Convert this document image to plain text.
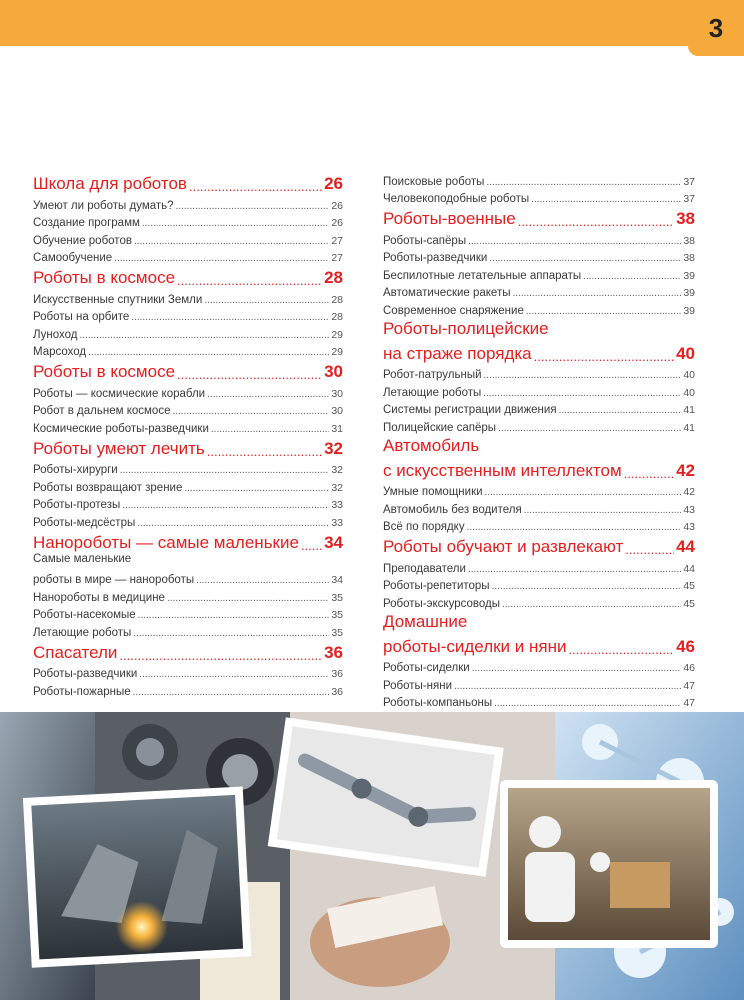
3
Школа для роботов .....	26
Умеют ли роботы думать? .....	26
Создание программ .....	26
Обучение роботов .....	27
Самообучение .....	27
Роботы в космосе .....	28
Искусственные спутники Земли .....	28
Роботы на орбите .....	28
Луноход .....	29
Марсоход .....	29
Роботы в космосе .....	30
Роботы — космические корабли .....	30
Робот в дальнем космосе .....	30
Космические роботы-разведчики .....	31
Роботы умеют лечить .....	32
Роботы-хирурги .....	32
Роботы возвращают зрение .....	32
Роботы-протезы .....	33
Роботы-медсёстры .....	33
Нанороботы — самые маленькие ..... 34
Самые маленькие
роботы в мире — нанороботы .....	34
Нанороботы в медицине .....	35
Роботы-насекомые .....	35
Летающие роботы .....	35
Спасатели .....	36
Роботы-разведчики .....	36
Роботы-пожарные .....	36
Поисковые роботы .....	37
Человекоподобные роботы .....	37
Роботы-военные .....	38
Роботы-сапёры .....	38
Роботы-разведчики .....	38
Беспилотные летательные аппараты .....	39
Автоматические ракеты .....	39
Современное снаряжение .....	39
Роботы-полицейские
на страже порядка .....	40
Робот-патрульный .....	40
Летающие роботы .....	40
Системы регистрации движения .....	41
Полицейские сапёры .....	41
Автомобиль
с искусственным интеллектом .....	42
Умные помощники .....	42
Автомобиль без водителя .....	43
Всё по порядку .....	43
Роботы обучают и развлекают .....	44
Преподаватели .....	44
Роботы-репетиторы .....	45
Роботы-экскурсоводы .....	45
Домашние
роботы-сиделки и няни .....	46
Роботы-сиделки .....	46
Роботы-няни .....	47
Роботы-компаньоны .....	47
